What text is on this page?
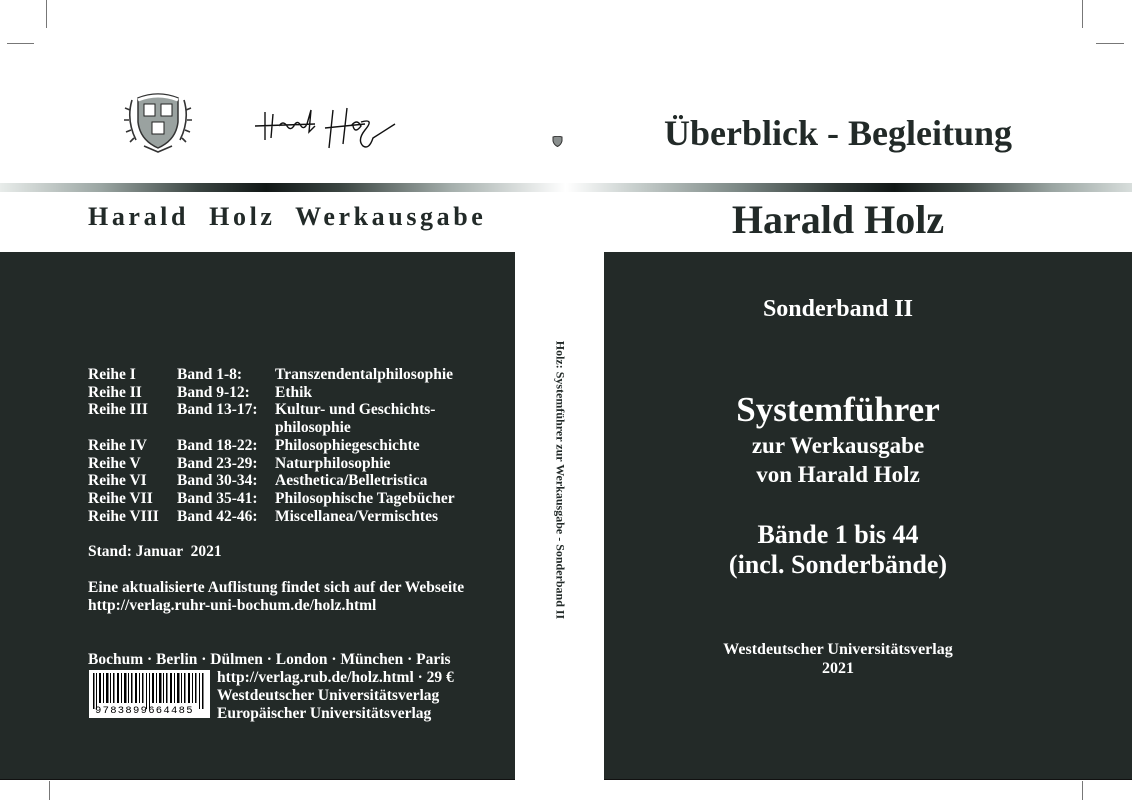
Überblick - Begleitung
Harald Holz Werkausgabe	Harald Holz
Reihe I	Band 1-8:	Transzendentalphilosophie
Reihe II	Band 9-12:	Ethik
Reihe III	Band 13-17:	Kultur- und Geschichts-
philosophie
Reihe IV	Band 18-22:	Philosophiegeschichte
Reihe V	Band 23-29:	Naturphilosophie
Reihe VI	Band 30-34:	Aesthetica/Belletristica
Reihe VII	Band 35-41:	Philosophische Tagebücher
Reihe VIII	Band 42-46:	Miscellanea/Vermischtes
Stand: Januar  2021
Eine aktualisierte Auflistung findet sich auf der Webseite
http://verlag.ruhr-uni-bochum.de/holz.html
Bochum · Berlin · Dülmen · London · München · Paris
9783899664485
http://verlag.rub.de/holz.html · 29 €
Westdeutscher Universitätsverlag
Europäischer Universitätsverlag
Holz: Systemführer zur Werkausgabe - Sonderband II
Sonderband II
Systemführer
zur Werkausgabe
von Harald Holz
Bände 1 bis 44
(incl. Sonderbände)
Westdeutscher Universitätsverlag
2021
